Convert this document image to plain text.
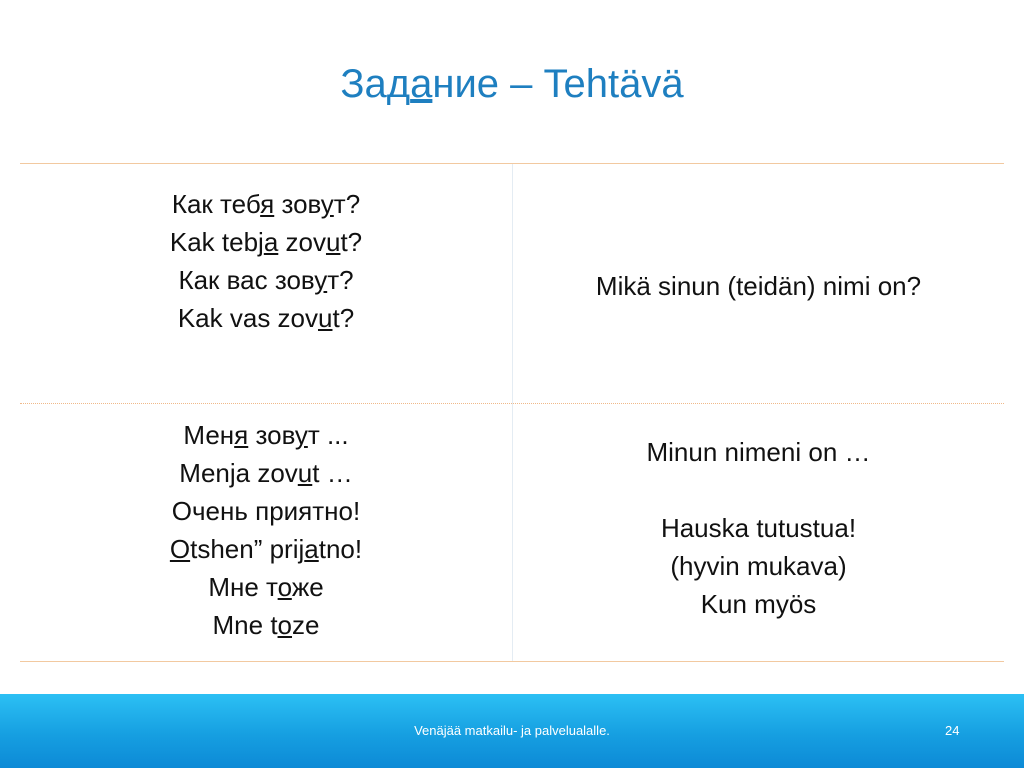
Задание – Tehtävä
Как тебя зовут?
Kak tebja zovut?
Как вас зовут?
Kak vas zovut?
Mikä sinun (teidän) nimi on?
Меня зовут ...
Menja zovut …
Очень приятно!
Otshen” prijatno!
Мне тоже
Mne toze
Minun nimeni on …
Hauska tutustua!
(hyvin mukava)
Kun myös
Venäjää matkailu- ja palvelualalle.	24
